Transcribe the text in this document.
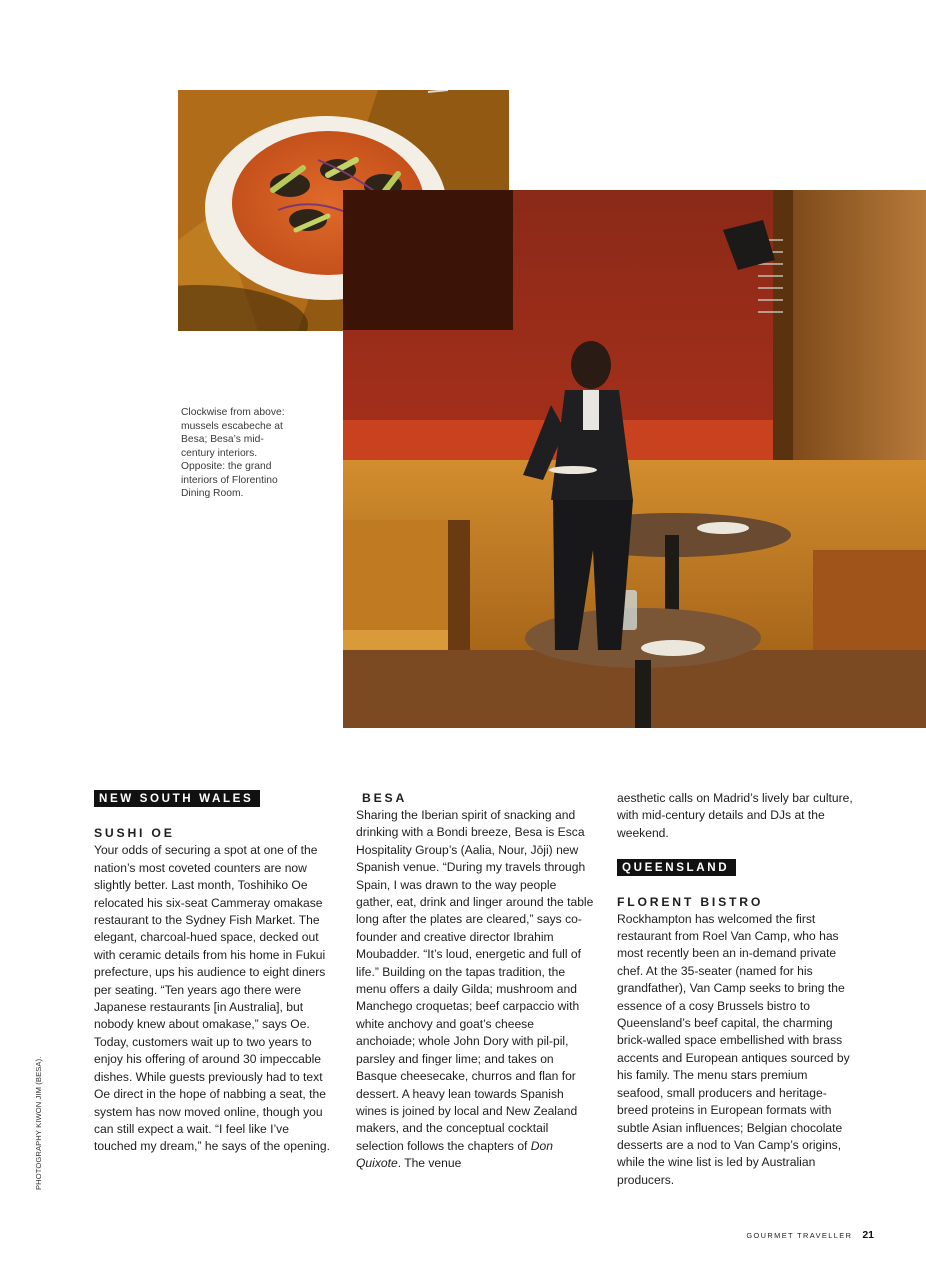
Clockwise from above: mussels escabeche at Besa; Besa’s mid-century interiors. Opposite: the grand interiors of Florentino Dining Room.
PHOTOGRAPHY KIWON JIM (BESA).
NEW SOUTH WALES
SUSHI OE

Your odds of securing a spot at one of the nation’s most coveted counters are now slightly better. Last month, Toshihiko Oe relocated his six-seat Cammeray omakase restaurant to the Sydney Fish Market. The elegant, charcoal-hued space, decked out with ceramic details from his home in Fukui prefecture, ups his audience to eight diners per seating. “Ten years ago there were Japanese restaurants [in Australia], but nobody knew about omakase,” says Oe. Today, customers wait up to two years to enjoy his offering of around 30 impeccable dishes. While guests previously had to text Oe direct in the hope of nabbing a seat, the system has now moved online, though you can still expect a wait. “I feel like I’ve touched my dream,” he says of the opening.

BESA

Sharing the Iberian spirit of snacking and drinking with a Bondi breeze, Besa is Esca Hospitality Group’s (Aalia, Nour, Jōji) new Spanish venue. “During my travels through Spain, I was drawn to the way people gather, eat, drink and linger around the table long after the plates are cleared,” says co-founder and creative director Ibrahim Moubadder. “It’s loud, energetic and full of life.” Building on the tapas tradition, the menu offers a daily Gilda; mushroom and Manchego croquetas; beef carpaccio with white anchovy and goat’s cheese anchoiade; whole John Dory with pil-pil, parsley and finger lime; and takes on Basque cheesecake, churros and flan for dessert. A heavy lean towards Spanish wines is joined by local and New Zealand makers, and the conceptual cocktail selection follows the chapters of Don Quixote. The venue

aesthetic calls on Madrid’s lively bar culture, with mid-century details and DJs at the weekend.

QUEENSLAND
FLORENT BISTRO

Rockhampton has welcomed the first restaurant from Roel Van Camp, who has most recently been an in-demand private chef. At the 35-seater (named for his grandfather), Van Camp seeks to bring the essence of a cosy Brussels bistro to Queensland’s beef capital, the charming brick-walled space embellished with brass accents and European antiques sourced by his family. The menu stars premium seafood, small producers and heritage-breed proteins in European formats with subtle Asian influences; Belgian chocolate desserts are a nod to Van Camp’s origins, while the wine list is led by Australian producers.

GOURMET TRAVELLER 21
